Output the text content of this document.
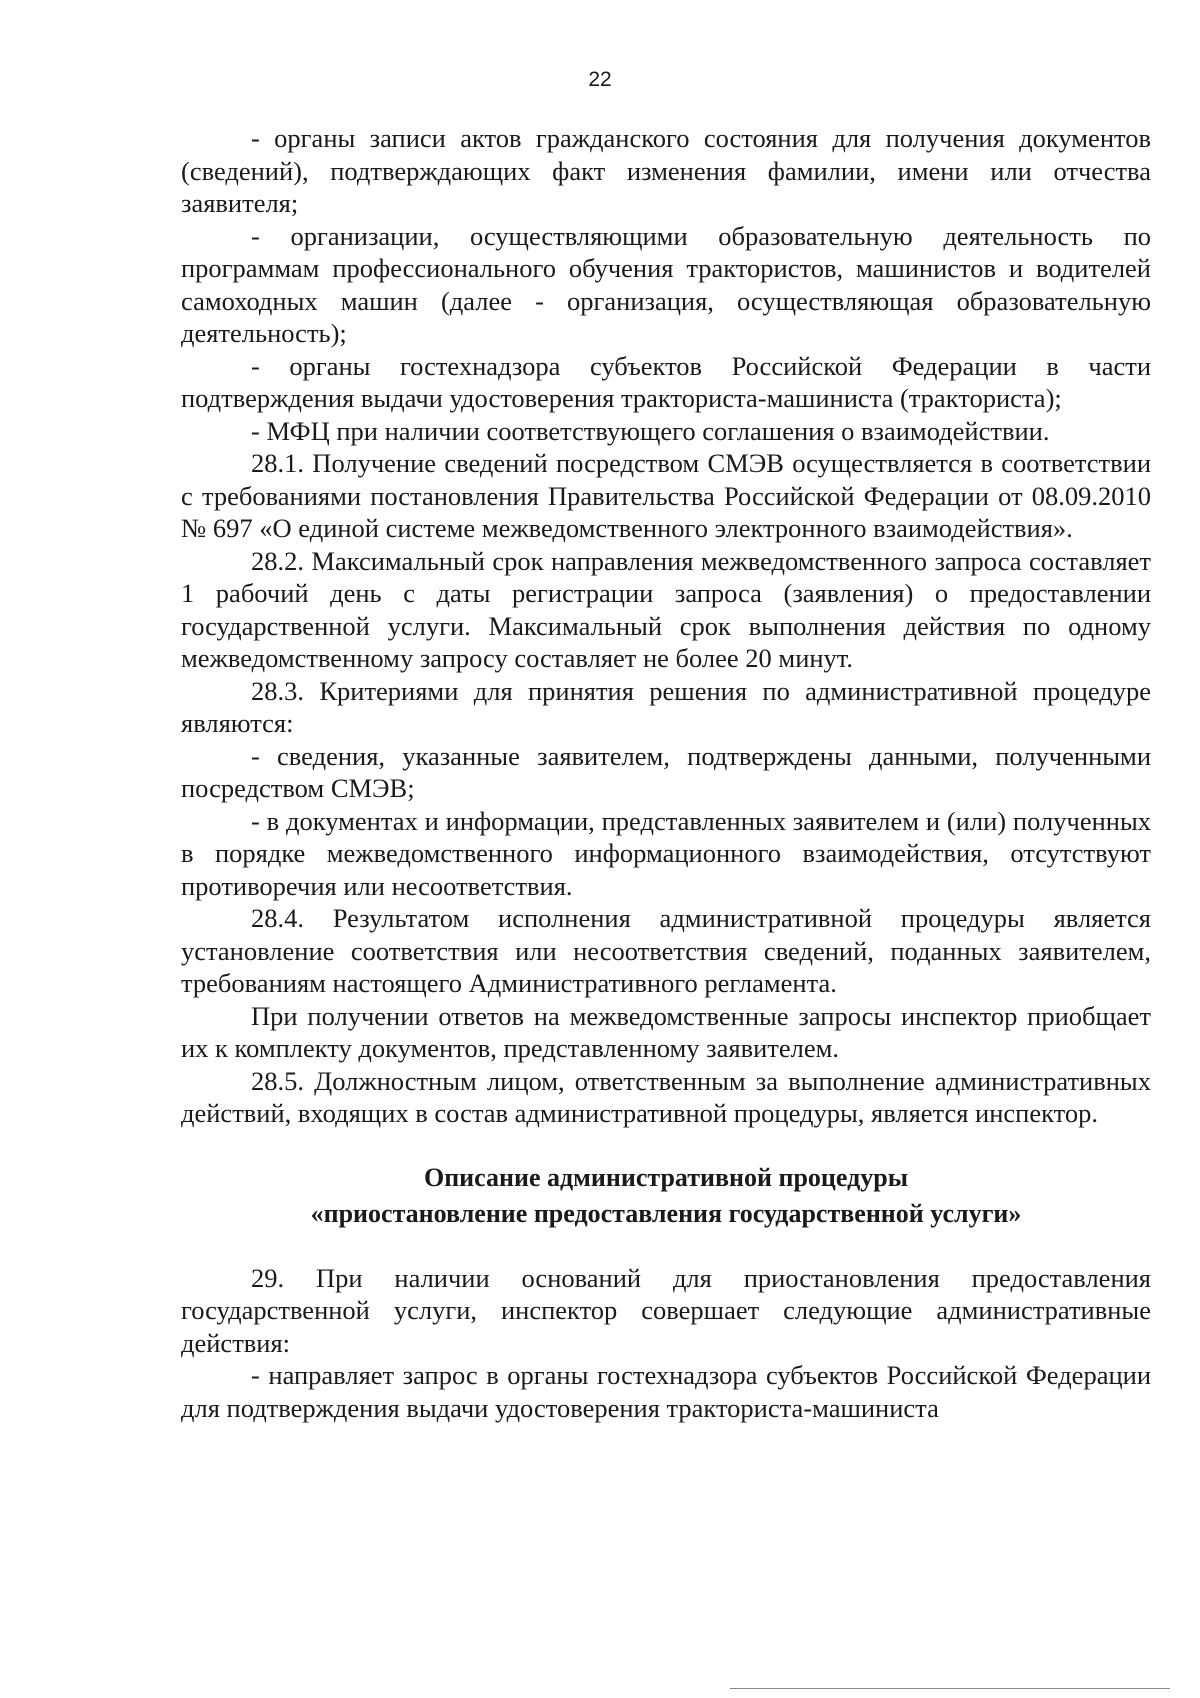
22

- органы записи актов гражданского состояния для получения документов (сведений), подтверждающих факт изменения фамилии, имени или отчества заявителя;

- организации, осуществляющими образовательную деятельность по программам профессионального обучения трактористов, машинистов и водителей самоходных машин (далее - организация, осуществляющая образовательную деятельность);

- органы гостехнадзора субъектов Российской Федерации в части подтверждения выдачи удостоверения тракториста-машиниста (тракториста);

- МФЦ при наличии соответствующего соглашения о взаимодействии.

28.1. Получение сведений посредством СМЭВ осуществляется в соответствии с требованиями постановления Правительства Российской Федерации от 08.09.2010 № 697 «О единой системе межведомственного электронного взаимодействия».

28.2. Максимальный срок направления межведомственного запроса составляет 1 рабочий день с даты регистрации запроса (заявления) о предоставлении государственной услуги. Максимальный срок выполнения действия по одному межведомственному запросу составляет не более 20 минут.

28.3. Критериями для принятия решения по административной процедуре являются:

- сведения, указанные заявителем, подтверждены данными, полученными посредством СМЭВ;

- в документах и информации, представленных заявителем и (или) полученных в порядке межведомственного информационного взаимодействия, отсутствуют противоречия или несоответствия.

28.4. Результатом исполнения административной процедуры является установление соответствия или несоответствия сведений, поданных заявителем, требованиям настоящего Административного регламента.

При получении ответов на межведомственные запросы инспектор приобщает их к комплекту документов, представленному заявителем.

28.5. Должностным лицом, ответственным за выполнение административных действий, входящих в состав административной процедуры, является инспектор.

Описание административной процедуры
«приостановление предоставления государственной услуги»

29. При наличии оснований для приостановления предоставления государственной услуги, инспектор совершает следующие административные действия:

- направляет запрос в органы гостехнадзора субъектов Российской Федерации для подтверждения выдачи удостоверения тракториста-машиниста
